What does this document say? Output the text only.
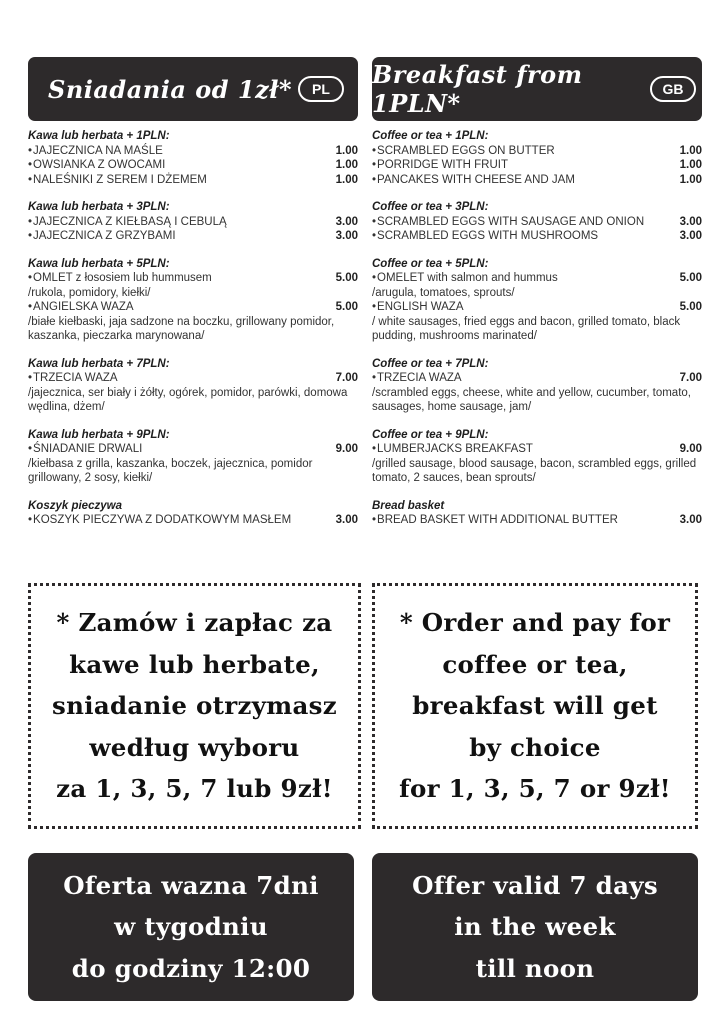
Sniadania od 1zł*	PL
Kawa lub herbata + 1PLN:
• JAJECZNICA NA MAŚLE	1.00
• OWSIANKA Z OWOCAMI	1.00
• NALEŚNIKI Z SEREM I DŻEMEM	1.00
Kawa lub herbata + 3PLN:
• JAJECZNICA Z KIEŁBASĄ I CEBULĄ	3.00
• JAJECZNICA Z GRZYBAMI	3.00
Kawa lub herbata + 5PLN:
• OMLET z łososiem lub hummusem	5.00
/rukola, pomidory, kiełki/
• ANGIELSKA WAZA	5.00
/białe kiełbaski, jaja sadzone na boczku, grillowany pomidor, kaszanka, pieczarka marynowana/
Kawa lub herbata + 7PLN:
• TRZECIA WAZA	7.00
/jajecznica, ser biały i żółty, ogórek, pomidor, parówki, domowa wędlina, dżem/
Kawa lub herbata + 9PLN:
• ŚNIADANIE DRWALI	9.00
/kiełbasa z grilla, kaszanka, boczek, jajecznica, pomidor grillowany, 2 sosy, kiełki/
Koszyk pieczywa
• KOSZYK PIECZYWA Z DODATKOWYM MASŁEM	3.00
Breakfast from 1PLN*	GB
Coffee or tea + 1PLN:
• SCRAMBLED EGGS ON BUTTER	1.00
• PORRIDGE WITH FRUIT	1.00
• PANCAKES WITH CHEESE AND JAM	1.00
Coffee or tea + 3PLN:
• SCRAMBLED EGGS WITH SAUSAGE AND ONION	3.00
• SCRAMBLED EGGS WITH MUSHROOMS	3.00
Coffee or tea + 5PLN:
• OMELET with salmon and hummus	5.00
/arugula, tomatoes, sprouts/
• ENGLISH WAZA	5.00
/ white sausages, fried eggs and bacon, grilled tomato, black pudding, mushrooms marinated/
Coffee or tea + 7PLN:
• TRZECIA WAZA	7.00
/scrambled eggs, cheese, white and yellow, cucumber, tomato, sausages, home sausage, jam/
Coffee or tea + 9PLN:
• LUMBERJACKS BREAKFAST	9.00
/grilled sausage, blood sausage, bacon, scrambled eggs, grilled tomato, 2 sauces, bean sprouts/
Bread basket
• BREAD BASKET WITH ADDITIONAL BUTTER	3.00
* Zamów i zapłac za
kawe lub herbate,
sniadanie otrzymasz
według wyboru
za 1, 3, 5, 7 lub 9zł!
* Order and pay for
coffee or tea,
breakfast will get
by choice
for 1, 3, 5, 7 or 9zł!
Oferta wazna 7dni
w tygodniu
do godziny 12:00
Offer valid 7 days
in the week
till noon
